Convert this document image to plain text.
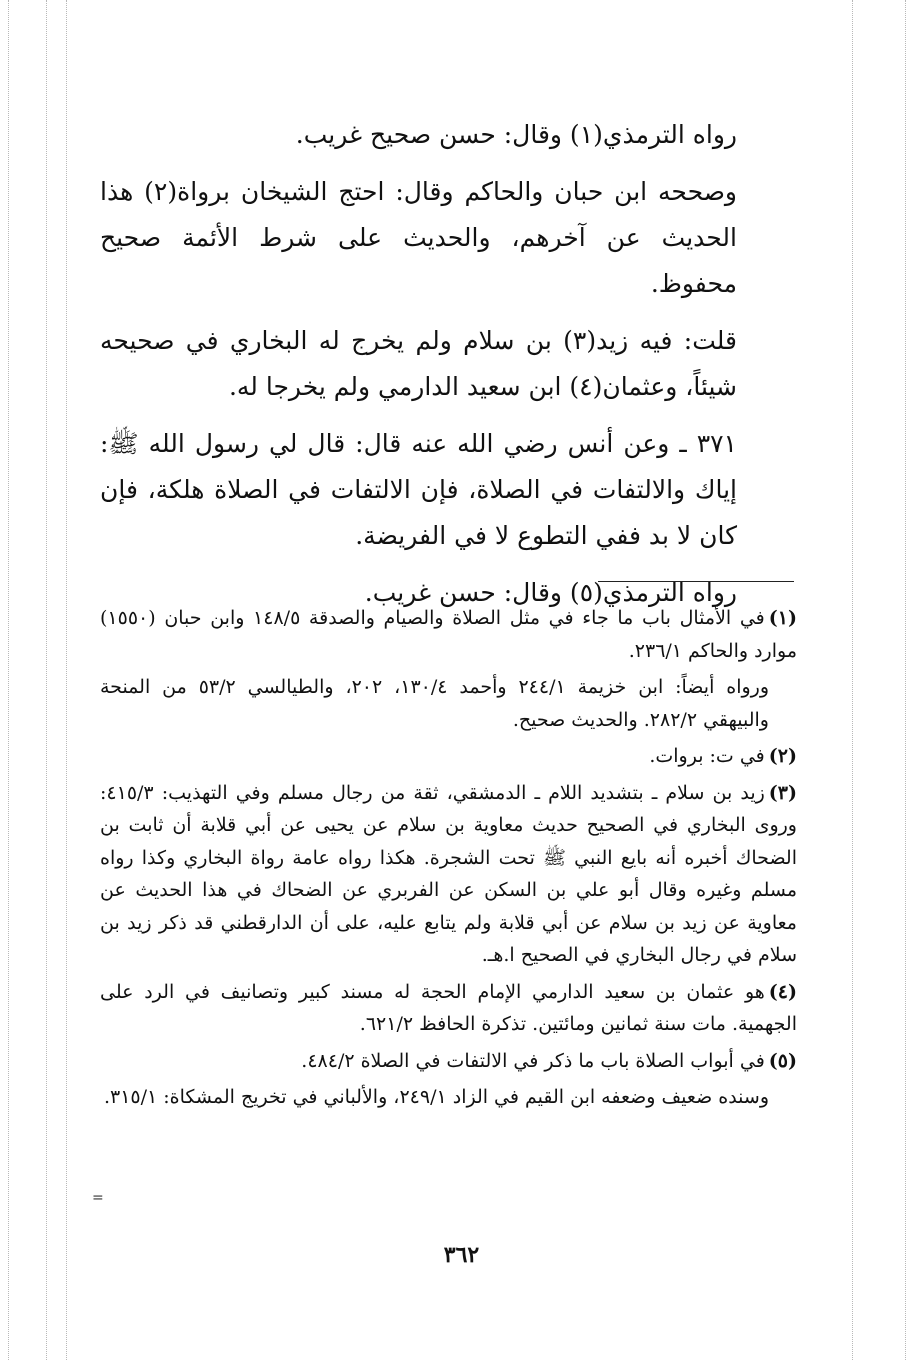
رواه الترمذي(١) وقال: حسن صحيح غريب.

وصححه ابن حبان والحاكم وقال: احتج الشيخان برواة(٢) هذا الحديث عن آخرهم، والحديث على شرط الأئمة صحيح محفوظ.

قلت: فيه زيد(٣) بن سلام ولم يخرج له البخاري في صحيحه شيئاً، وعثمان(٤) ابن سعيد الدارمي ولم يخرجا له.

٣٧١ ـ وعن أنس رضي الله عنه قال: قال لي رسول الله ﷺ: إياك والالتفات في الصلاة، فإن الالتفات في الصلاة هلكة، فإن كان لا بد ففي التطوع لا في الفريضة.

رواه الترمذي(٥) وقال: حسن غريب.

(١)في الأمثال باب ما جاء في مثل الصلاة والصيام والصدقة ١٤٨/٥ وابن حبان (١٥٥٠) موارد والحاكم ٢٣٦/١.
ورواه أيضاً: ابن خزيمة ٢٤٤/١ وأحمد ١٣٠/٤، ٢٠٢، والطيالسي ٥٣/٢ من المنحة والبيهقي ٢٨٢/٢. والحديث صحيح.
(٢)في ت: بروات.
(٣)زيد بن سلام ـ بتشديد اللام ـ الدمشقي، ثقة من رجال مسلم وفي التهذيب: ٤١٥/٣: وروى البخاري في الصحيح حديث معاوية بن سلام عن يحيى عن أبي قلابة أن ثابت بن الضحاك أخبره أنه بايع النبي ﷺ تحت الشجرة. هكذا رواه عامة رواة البخاري وكذا رواه مسلم وغيره وقال أبو علي بن السكن عن الفربري عن الضحاك في هذا الحديث عن معاوية عن زيد بن سلام عن أبي قلابة ولم يتابع عليه، على أن الدارقطني قد ذكر زيد بن سلام في رجال البخاري في الصحيح ا.هـ.
(٤)هو عثمان بن سعيد الدارمي الإمام الحجة له مسند كبير وتصانيف في الرد على الجهمية. مات سنة ثمانين ومائتين. تذكرة الحافظ ٦٢١/٢.
(٥)في أبواب الصلاة باب ما ذكر في الالتفات في الصلاة ٤٨٤/٢.
وسنده ضعيف وضعفه ابن القيم في الزاد ٢٤٩/١، والألباني في تخريج المشكاة: ٣١٥/١.
=
٣٦٢
